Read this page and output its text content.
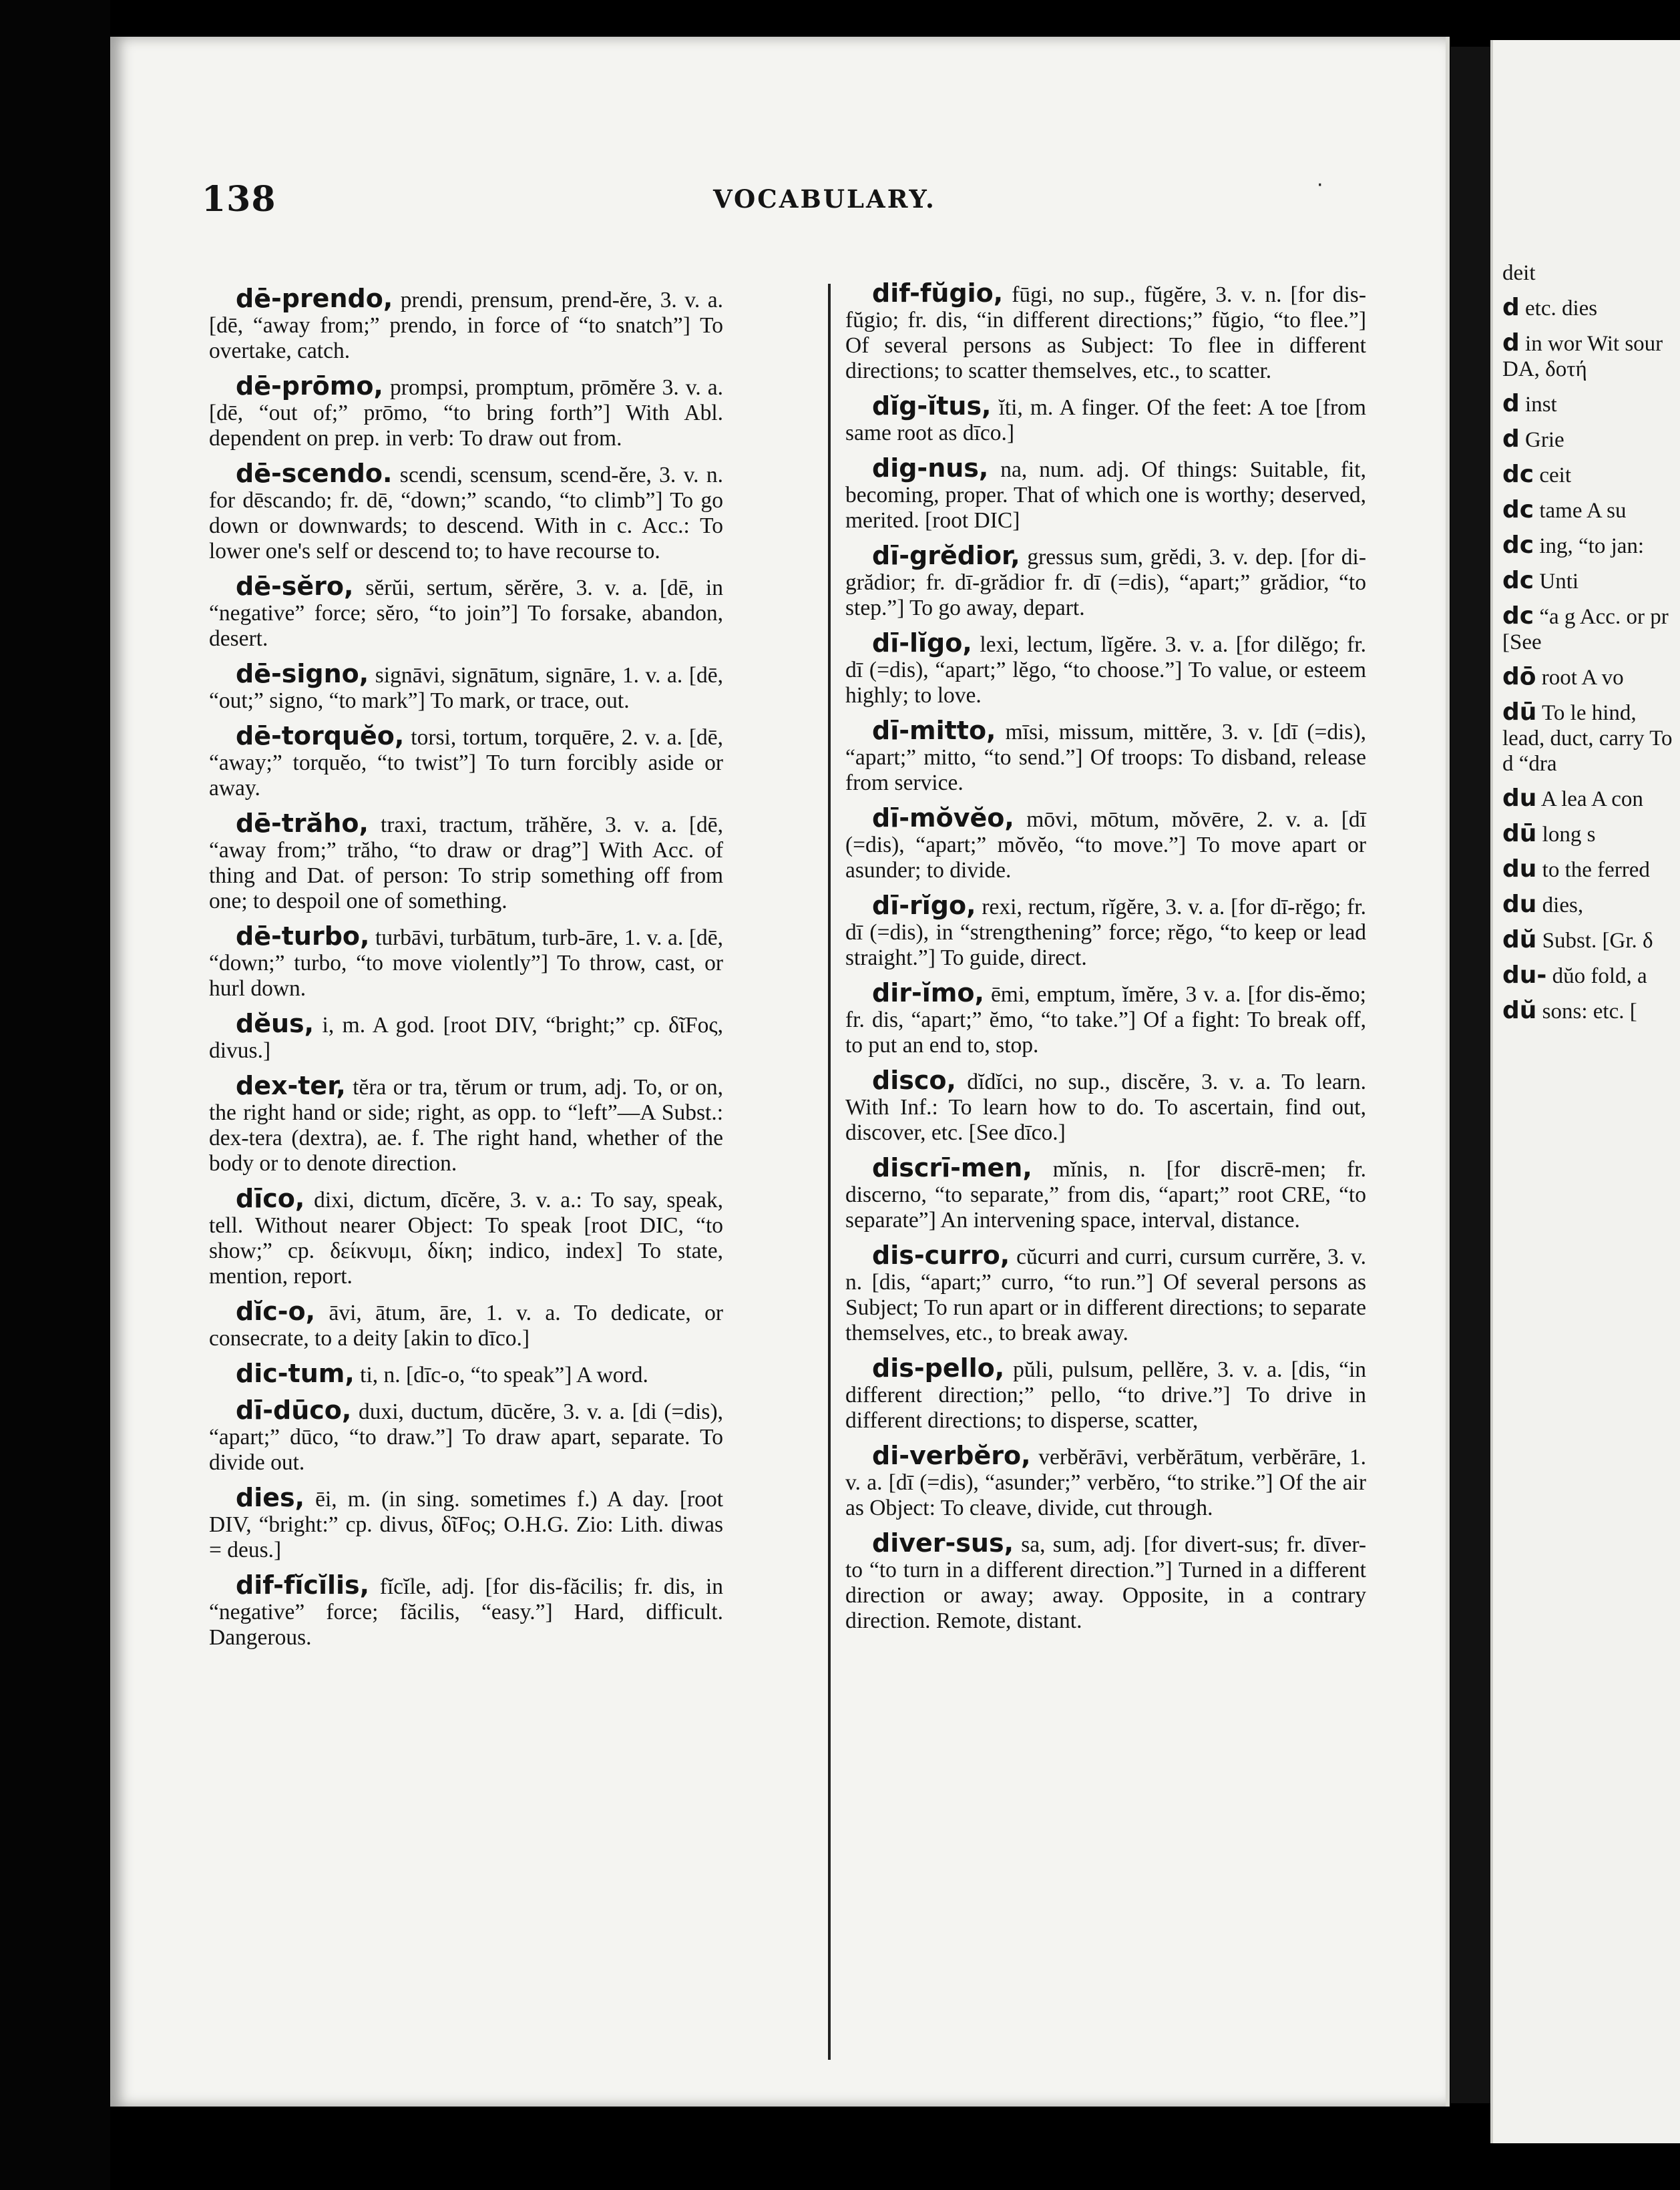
138	VOCABULARY.	·

dē-prendo, prendi, prensum, prend-ĕre, 3. v. a. [dē, “away from;” prendo, in force of “to snatch”] To overtake, catch.

dē-prōmo, prompsi, promptum, prōmĕre 3. v. a. [dē, “out of;” prōmo, “to bring forth”] With Abl. dependent on prep. in verb: To draw out from.

dē-scendo. scendi, scensum, scend-ĕre, 3. v. n. for dēscando; fr. dē, “down;” scando, “to climb”] To go down or downwards; to descend. With in c. Acc.: To lower one's self or descend to; to have recourse to.

dē-sĕro, sĕrŭi, sertum, sĕrĕre, 3. v. a. [dē, in “negative” force; sĕro, “to join”] To forsake, abandon, desert.

dē-signo, signāvi, signātum, signāre, 1. v. a. [dē, “out;” signo, “to mark”] To mark, or trace, out.

dē-torquĕo, torsi, tortum, torquēre, 2. v. a. [dē, “away;” torquĕo, “to twist”] To turn forcibly aside or away.

dē-trăho, traxi, tractum, trăhĕre, 3. v. a. [dē, “away from;” trăho, “to draw or drag”] With Acc. of thing and Dat. of person: To strip something off from one; to despoil one of something.

dē-turbo, turbāvi, turbātum, turb-āre, 1. v. a. [dē, “down;” turbo, “to move violently”] To throw, cast, or hurl down.

dĕus, i, m. A god. [root DIV, “bright;” cp. δῖFος, divus.]

dex-ter, tĕra or tra, tĕrum or trum, adj. To, or on, the right hand or side; right, as opp. to “left”—A Subst.: dex-tera (dextra), ae. f. The right hand, whether of the body or to denote direction.

dīco, dixi, dictum, dīcĕre, 3. v. a.: To say, speak, tell. Without nearer Object: To speak [root DIC, “to show;” cp. δείκνυμι, δίκη; indico, index] To state, mention, report.

dĭc-o, āvi, ātum, āre, 1. v. a. To dedicate, or consecrate, to a deity [akin to dīco.]

dic-tum, ti, n. [dīc-o, “to speak”] A word.

dī-dūco, duxi, ductum, dūcĕre, 3. v. a. [di (=dis), “apart;” dūco, “to draw.”] To draw apart, separate. To divide out.

dies, ēi, m. (in sing. sometimes f.) A day. [root DIV, “bright:” cp. divus, δῖFος; O.H.G. Zio: Lith. diwas = deus.]

dif-fĭcĭlis, fĭcĭle, adj. [for dis-făcilis; fr. dis, in “negative” force; făcilis, “easy.”] Hard, difficult. Dangerous.

dif-fŭgio, fūgi, no sup., fŭgĕre, 3. v. n. [for dis-fŭgio; fr. dis, “in different directions;” fŭgio, “to flee.”] Of several persons as Subject: To flee in different directions; to scatter themselves, etc., to scatter.

dĭg-ĭtus, ĭti, m. A finger. Of the feet: A toe [from same root as dīco.]

dig-nus, na, num. adj. Of things: Suitable, fit, becoming, proper. That of which one is worthy; deserved, merited. [root DIC]

dī-grĕdior, gressus sum, grĕdi, 3. v. dep. [for di-grădior; fr. dī-grădior fr. dī (=dis), “apart;” grădior, “to step.”] To go away, depart.

dī-lĭgo, lexi, lectum, lĭgĕre. 3. v. a. [for dilĕgo; fr. dī (=dis), “apart;” lĕgo, “to choose.”] To value, or esteem highly; to love.

dī-mitto, mīsi, missum, mittĕre, 3. v. [dī (=dis), “apart;” mitto, “to send.”] Of troops: To disband, release from service.

dī-mŏvĕo, mōvi, mōtum, mŏvēre, 2. v. a. [dī (=dis), “apart;” mŏvĕo, “to move.”] To move apart or asunder; to divide.

dī-rĭgo, rexi, rectum, rĭgĕre, 3. v. a. [for dī-rĕgo; fr. dī (=dis), in “strengthening” force; rĕgo, “to keep or lead straight.”] To guide, direct.

dir-ĭmo, ēmi, emptum, ĭmĕre, 3 v. a. [for dis-ĕmo; fr. dis, “apart;” ĕmo, “to take.”] Of a fight: To break off, to put an end to, stop.

disco, dĭdĭci, no sup., discĕre, 3. v. a. To learn. With Inf.: To learn how to do. To ascertain, find out, discover, etc. [See dīco.]

discrī-men, mĭnis, n. [for discrē-men; fr. discerno, “to separate,” from dis, “apart;” root CRE, “to separate”] An intervening space, interval, distance.

dis-curro, cŭcurri and curri, cursum currĕre, 3. v. n. [dis, “apart;” curro, “to run.”] Of several persons as Subject; To run apart or in different directions; to separate themselves, etc., to break away.

dis-pello, pŭli, pulsum, pellĕre, 3. v. a. [dis, “in different direction;” pello, “to drive.”] To drive in different directions; to disperse, scatter,

di-verbĕro, verbĕrāvi, verbĕrātum, verbĕrāre, 1. v. a. [dī (=dis), “asunder;” verbĕro, “to strike.”] Of the air as Object: To cleave, divide, cut through.

diver-sus, sa, sum, adj. [for divert-sus; fr. dīver-to “to turn in a different direction.”] Turned in a different direction or away; away. Opposite, in a contrary direction. Remote, distant.

deit

d etc. dies

d in wor Wit sour DA, δοτή

d inst

d Grie

dc ceit

dc tame A su

dc ing, “to jan:

dc Unti

dc “a g Acc. or pr [See

dō root A vo

dū To le hind, lead, duct, carry To d “dra

du A lea A con

dū long s

du to the ferred

du dies,

dŭ Subst. [Gr. δ

du- dŭo fold, a

dŭ sons: etc. [
